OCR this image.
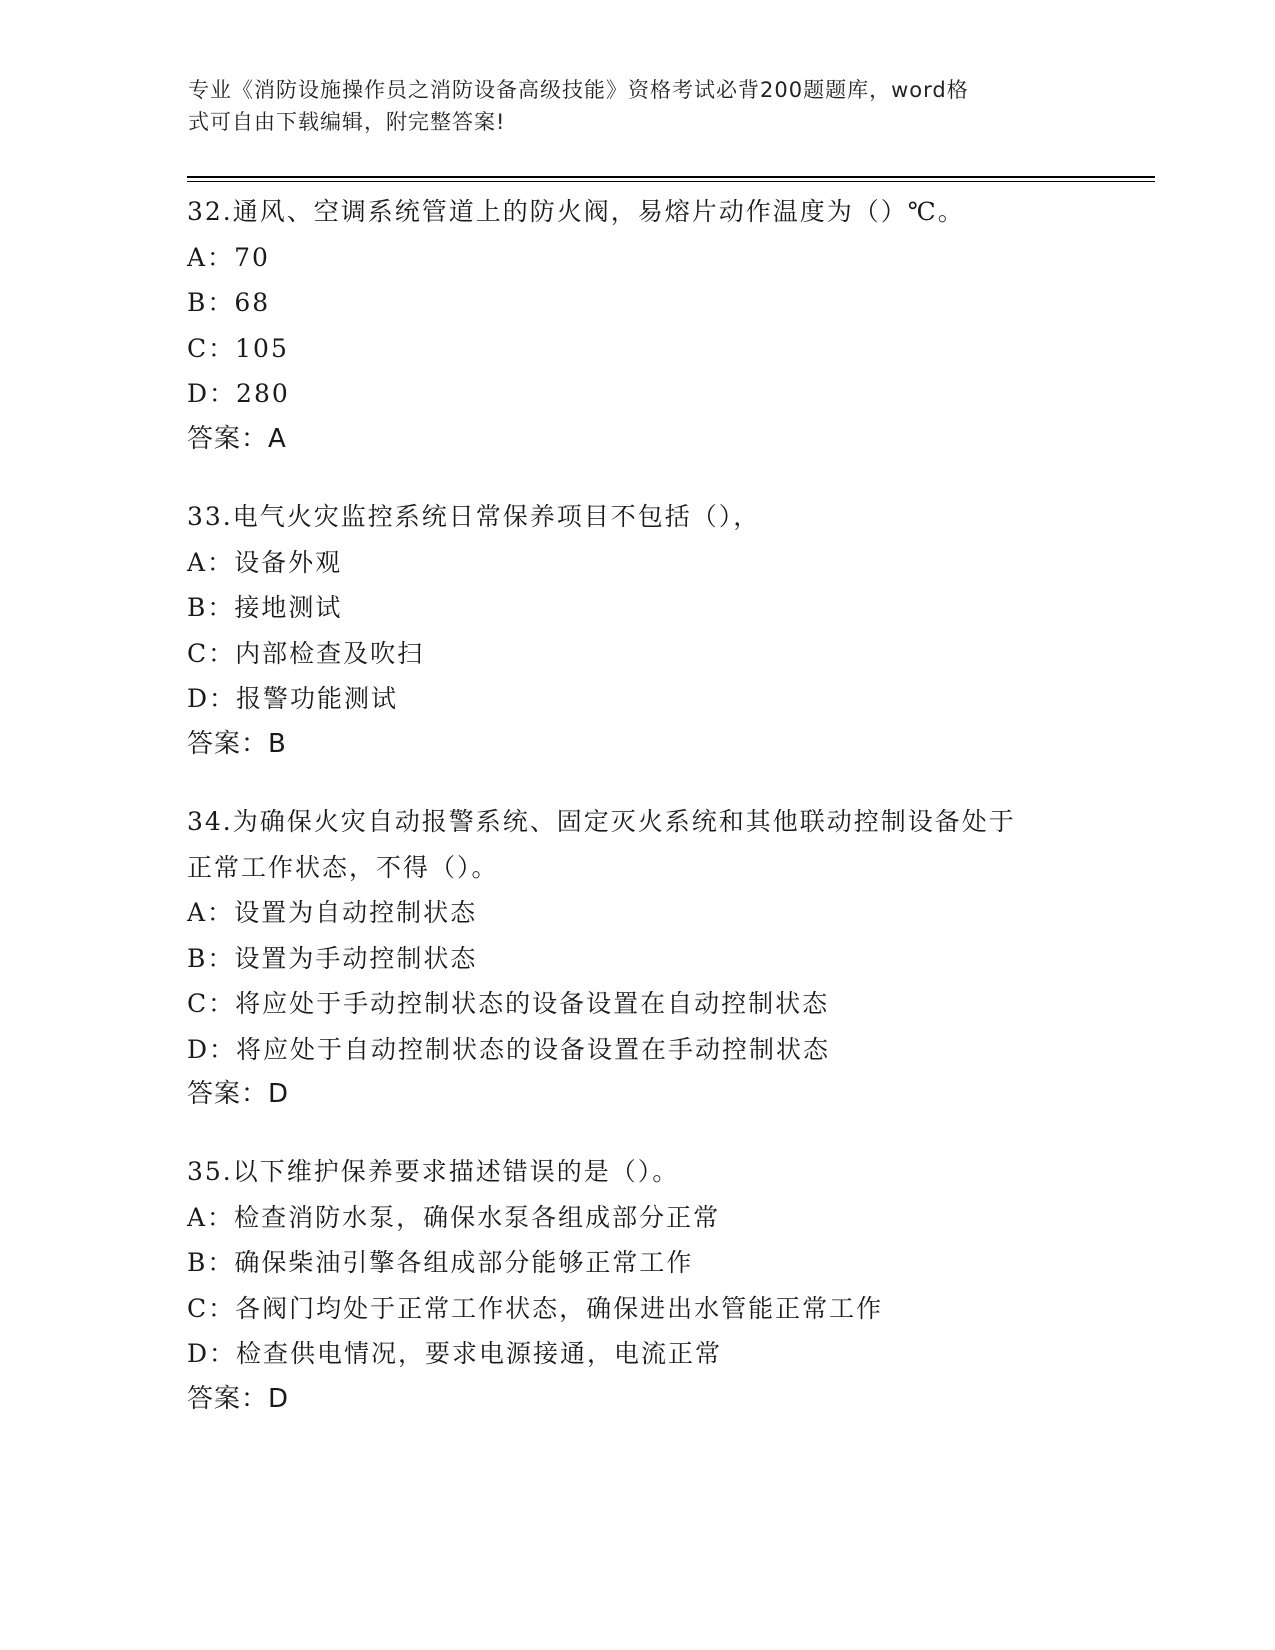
专业《消防设施操作员之消防设备高级技能》资格考试必背200题题库，word格
式可自由下载编辑，附完整答案!
32.通风、空调系统管道上的防火阀，易熔片动作温度为（）℃。
A：70
B：68
C：105
D：280
答案：A
33.电气火灾监控系统日常保养项目不包括（），
A：设备外观
B：接地测试
C：内部检查及吹扫
D：报警功能测试
答案：B
34.为确保火灾自动报警系统、固定灭火系统和其他联动控制设备处于
正常工作状态，不得（）。
A：设置为自动控制状态
B：设置为手动控制状态
C：将应处于手动控制状态的设备设置在自动控制状态
D：将应处于自动控制状态的设备设置在手动控制状态
答案：D
35.以下维护保养要求描述错误的是（）。
A：检查消防水泵，确保水泵各组成部分正常
B：确保柴油引擎各组成部分能够正常工作
C：各阀门均处于正常工作状态，确保进出水管能正常工作
D：检查供电情况，要求电源接通，电流正常
答案：D
